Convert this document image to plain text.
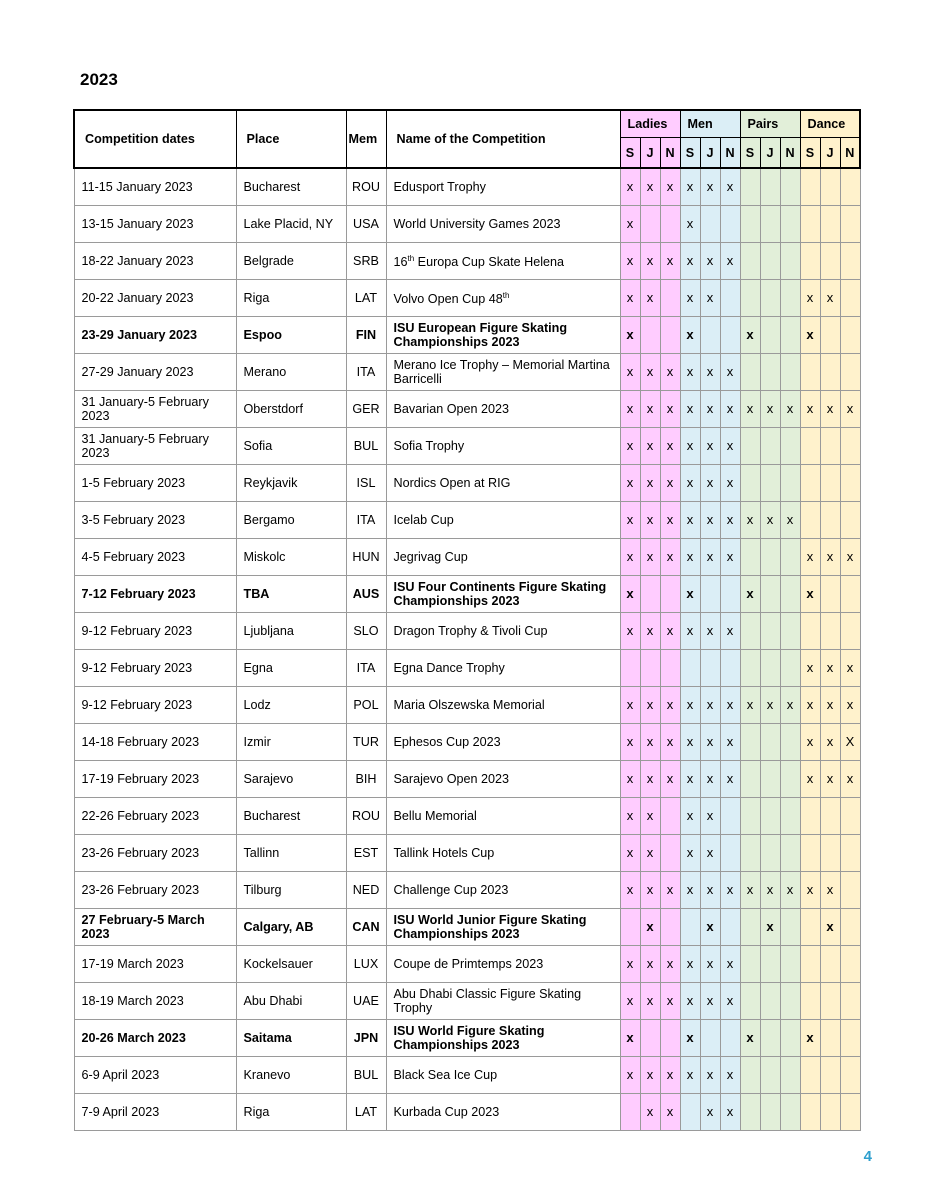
2023
Competition dates	Place	Mem	Name of the Competition	Ladies			Men			Pairs			Dance		
				S	J	N	S	J	N	S	J	N	S	J	N
11-15 January 2023	Bucharest	ROU	Edusport Trophy	x	x	x	x	x	x						
13-15 January 2023	Lake Placid, NY	USA	World University Games 2023	x			x								
18-22 January 2023	Belgrade	SRB	16th Europa Cup Skate Helena	x	x	x	x	x	x						
20-22 January 2023	Riga	LAT	Volvo Open Cup 48th	x	x		x	x					x	x	
23-29 January 2023	Espoo	FIN	ISU European Figure Skating Championships 2023	x			x			x			x		
27-29 January 2023	Merano	ITA	Merano Ice Trophy – Memorial Martina Barricelli	x	x	x	x	x	x						
31 January-5 February 2023	Oberstdorf	GER	Bavarian Open 2023	x	x	x	x	x	x	x	x	x	x	x	x
31 January-5 February 2023	Sofia	BUL	Sofia Trophy	x	x	x	x	x	x						
1-5 February 2023	Reykjavik	ISL	Nordics Open at RIG	x	x	x	x	x	x						
3-5 February 2023	Bergamo	ITA	Icelab Cup	x	x	x	x	x	x	x	x	x			
4-5 February 2023	Miskolc	HUN	Jegrivag Cup	x	x	x	x	x	x				x	x	x
7-12 February 2023	TBA	AUS	ISU Four Continents Figure Skating Championships 2023	x			x			x			x		
9-12 February 2023	Ljubljana	SLO	Dragon Trophy & Tivoli Cup	x	x	x	x	x	x						
9-12 February 2023	Egna	ITA	Egna Dance Trophy										x	x	x
9-12 February 2023	Lodz	POL	Maria Olszewska Memorial	x	x	x	x	x	x	x	x	x	x	x	x
14-18 February 2023	Izmir	TUR	Ephesos Cup 2023	x	x	x	x	x	x				x	x	X
17-19 February 2023	Sarajevo	BIH	Sarajevo Open 2023	x	x	x	x	x	x				x	x	x
22-26 February 2023	Bucharest	ROU	Bellu Memorial	x	x		x	x							
23-26 February 2023	Tallinn	EST	Tallink Hotels Cup	x	x		x	x							
23-26 February 2023	Tilburg	NED	Challenge Cup 2023	x	x	x	x	x	x	x	x	x	x	x	
27 February-5 March 2023	Calgary, AB	CAN	ISU World Junior Figure Skating Championships 2023		x			x			x			x	
17-19 March 2023	Kockelsauer	LUX	Coupe de Primtemps 2023	x	x	x	x	x	x						
18-19 March 2023	Abu Dhabi	UAE	Abu Dhabi Classic Figure Skating Trophy	x	x	x	x	x	x						
20-26 March 2023	Saitama	JPN	ISU World Figure Skating Championships 2023	x			x			x			x		
6-9 April 2023	Kranevo	BUL	Black Sea Ice Cup	x	x	x	x	x	x						
7-9 April 2023	Riga	LAT	Kurbada Cup 2023		x	x		x	x						
4
